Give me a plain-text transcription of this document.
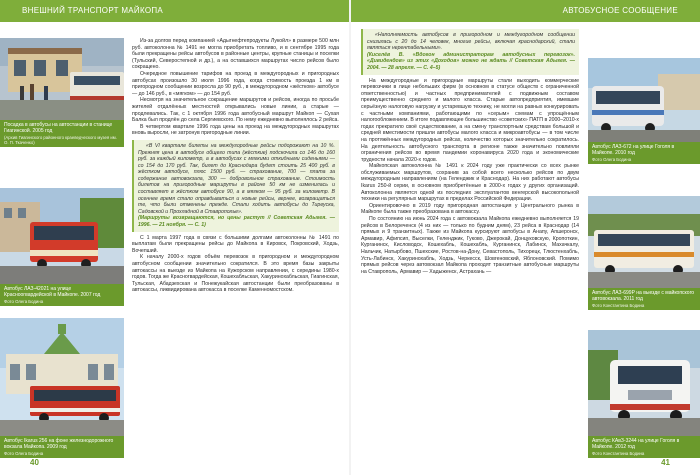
ВНЕШНИЙ ТРАНСПОРТ МАЙКОПА	АВТОБУСНОЕ СООБЩЕНИЕ
Посадка в автобусы на автостанции в станице Гиагинской. 2005 год
(Архив Гиагинского районного краеведческого музея им. О. П. Ткаченко)
Автобус ЛАЗ-42021 на улице Красноогвардейской в Майкопе. 2007 год
Фото Олега Бодина
Автобус Ikarus 256 на фоне железнодорожного вокзала Майкопа. 2009 год
Фото Олега Бодина

Из-за долгов перед компанией «Адыгнефтепродукты Лукойл» в размере 500 млн руб. автоколонна № 1491 не могла приобретать топливо, и в сентябре 1995 года были прекращены рейсы автобусов в районные центры, крупные станицы и поселки (Тульский, Северостепной и др.), а на оставшихся маршрутах число рейсов было сокращено.

Очередное повышение тарифов на проезд в междугородных и пригородных автобусах произошло 30 июля 1996 года, когда стоимость проезда 1 км в пригородном сообщении возросла до 90 руб., в междугородном «жёстком» автобусе — до 146 руб., в «мягком» — до 154 руб.

Несмотря на значительное сокращение маршрутов и рейсов, иногда по просьбе жителей отдалённых местностей открывались новые линии, а старые — продлевались. Так, с 1 октября 1996 года автобусный маршрут Майкоп — Сухая Балка был продлён до села Сергиевского. По нему ежедневно выполнялось 2 рейса.

В четвертом квартале 1996 года цены на проезд на междугородных маршрутах вновь выросли, не затронув пригородные линии.

«В VI квартале билеты на междугородные рейсы подорожают на 10 %. Прежняя цена в автобусе общего типа (жёсткие) подскочила со 146 до 160 руб. за каждый километр, а в автобусах с мягкими откидными сиденьями — со 154 до 170 руб. Так, билет до Краснодара будет стоить 25 400 руб. в жёстком автобусе, плюс 1500 руб. — страхование, 700 — плата за содержание автовокзала, 300 — добровольное страхование. Стоимость билетов на пригородные маршруты в районе 50 км не изменилась и составляет в жёстком автобусе 90, а в мягком — 95 руб. за километр. В осеннее время стало оправдываться и новые рейсы, вернее, возвращаться те, что были отменены прежде. Стали ходить автобусы до Тиреуска, Садовской и Прохладной в Ставрополье».

(Маршруты возвращаются, но цены растут // Советская Адыгея. — 1996. — 21 ноября. — С. 1)

С 1 марта 1997 года в связи с большими долгами автоколонны № 1491 по выплатам были прекращены рейсы до Майкопа в Кировск, Покровский, Ходзь, Вочепший.

К началу 2000-х годов объём перевозок в пригородном и междугородном автобусном сообщении значительно сократился. В это время базы закрыты автокассы на выезде из Майкопа на Кужорском направлении, с середины 1980-х годов. Тогда же Красногвардейская, Кошехабльская, Хакуринохабльская, Гиагинская, Тульская, Абадзехская и Понежукайская автостанции были преобразованы в автокассы, ликвидирована автокасса в поселке Каменномостском.

«Наполняемость автобусов в пригородном и междугородном сообщении снизилась с 20 до 14 человек, многие рейсы, включая краснодарский, стали являться нерентабельными».

(Киселёв В. «Вдогон администраторам автобусных перевозок». «Дивидендов» из этих «Доходов» можно не ждать // Советская Адыгея. — 2004. — 28 апреля. — С. 4–5)

На междугородные и пригородные маршруты стали выходить коммерческие перевозчики в лице небольших фирм (в основном в статусе обществ с ограниченной ответственностью) и частных предпринимателей с подвижным составом преимущественно среднего и малого класса. Старые автопредприятия, имевшие серьёзную налоговую нагрузку и устаревшую технику, не могли на равных конкурировать с частными компаниями, работающими по «серым» схемам с упрощённым налогообложением. В итоге подавляющее большинство «советских» ПАТП в 2000–2010-х годах прекратило своё существование, а на смену транспортным средствам большой и средней вместимости пришли автобусы малого класса и микроавтобусы — в том числе на протяжённых междугородных рейсах, количество которых значительно сократилось. На деятельность автобусного транспорта в регионе также значительно повлияли ограничения рейсов во время пандемии коронавируса 2020 года и экономические трудности начала 2020-х годов.

Майкопская автоколонна № 1491 к 2024 году уже практически со всех рынке обслуживаемых маршрутов, сохранив за собой всего несколько рейсов по двум междугородным направлениям (на Геленджик и Краснодар). На них работают автобусы Ikarus 250-й серии, в основном приобретённые в 2000-х годах у других организаций. Автоколонна является одной из последних эксплуатантов венгерской высокопольной техники на регулярных маршрутах в пределах Российской Федерации.

Ориентировочно в 2019 году пригородная автостанция у Центрального рынка в Майкопе была также преобразована в автокассу.

По состоянию на июнь 2024 года с автовокзала Майкопа ежедневно выполняется 19 рейсов в Белореченск (4 из них — только по будним дням), 23 рейса в Краснодар (14 прямых и 9 транзитных). Также из Майкопа курсируют автобусы в Анапу, Апшеронск, Армавир, Афипсип, Выселки, Геленджик, Гуково, Джерокай, Донцуковскую, Кропоткин, Курганинск, Кисловодск, Кошехабль, Кошехабль, Курганинск, Лабинск, Махачкалу, Нальчик, Натырбово, Пшехские, Ростов-на-Дону, Севастополь, Тихорецк, Тлюстенхабль, Усть-Лабинск, Хакуринохабль, Ходзь, Черкесск, Шовгеновский, Яблоновский. Помимо прямых рейсов через автовокзал Майкопа проходят транзитные автобусные маршруты на Ставрополь, Армавир — Хадыженск, Астрахань —

Автобус ЛАЗ-672 на улице Гоголя в Майкопе. 2010 год
Фото Олега Бодина
Автобус ЛАЗ-699Р на выезде с майкопского автовокзала. 2011 год
Фото Константина Бодина
Автобус КАвЗ-3244 на улице Гоголя в Майкопе. 2012 год
Фото Константина Бодина
40	41
